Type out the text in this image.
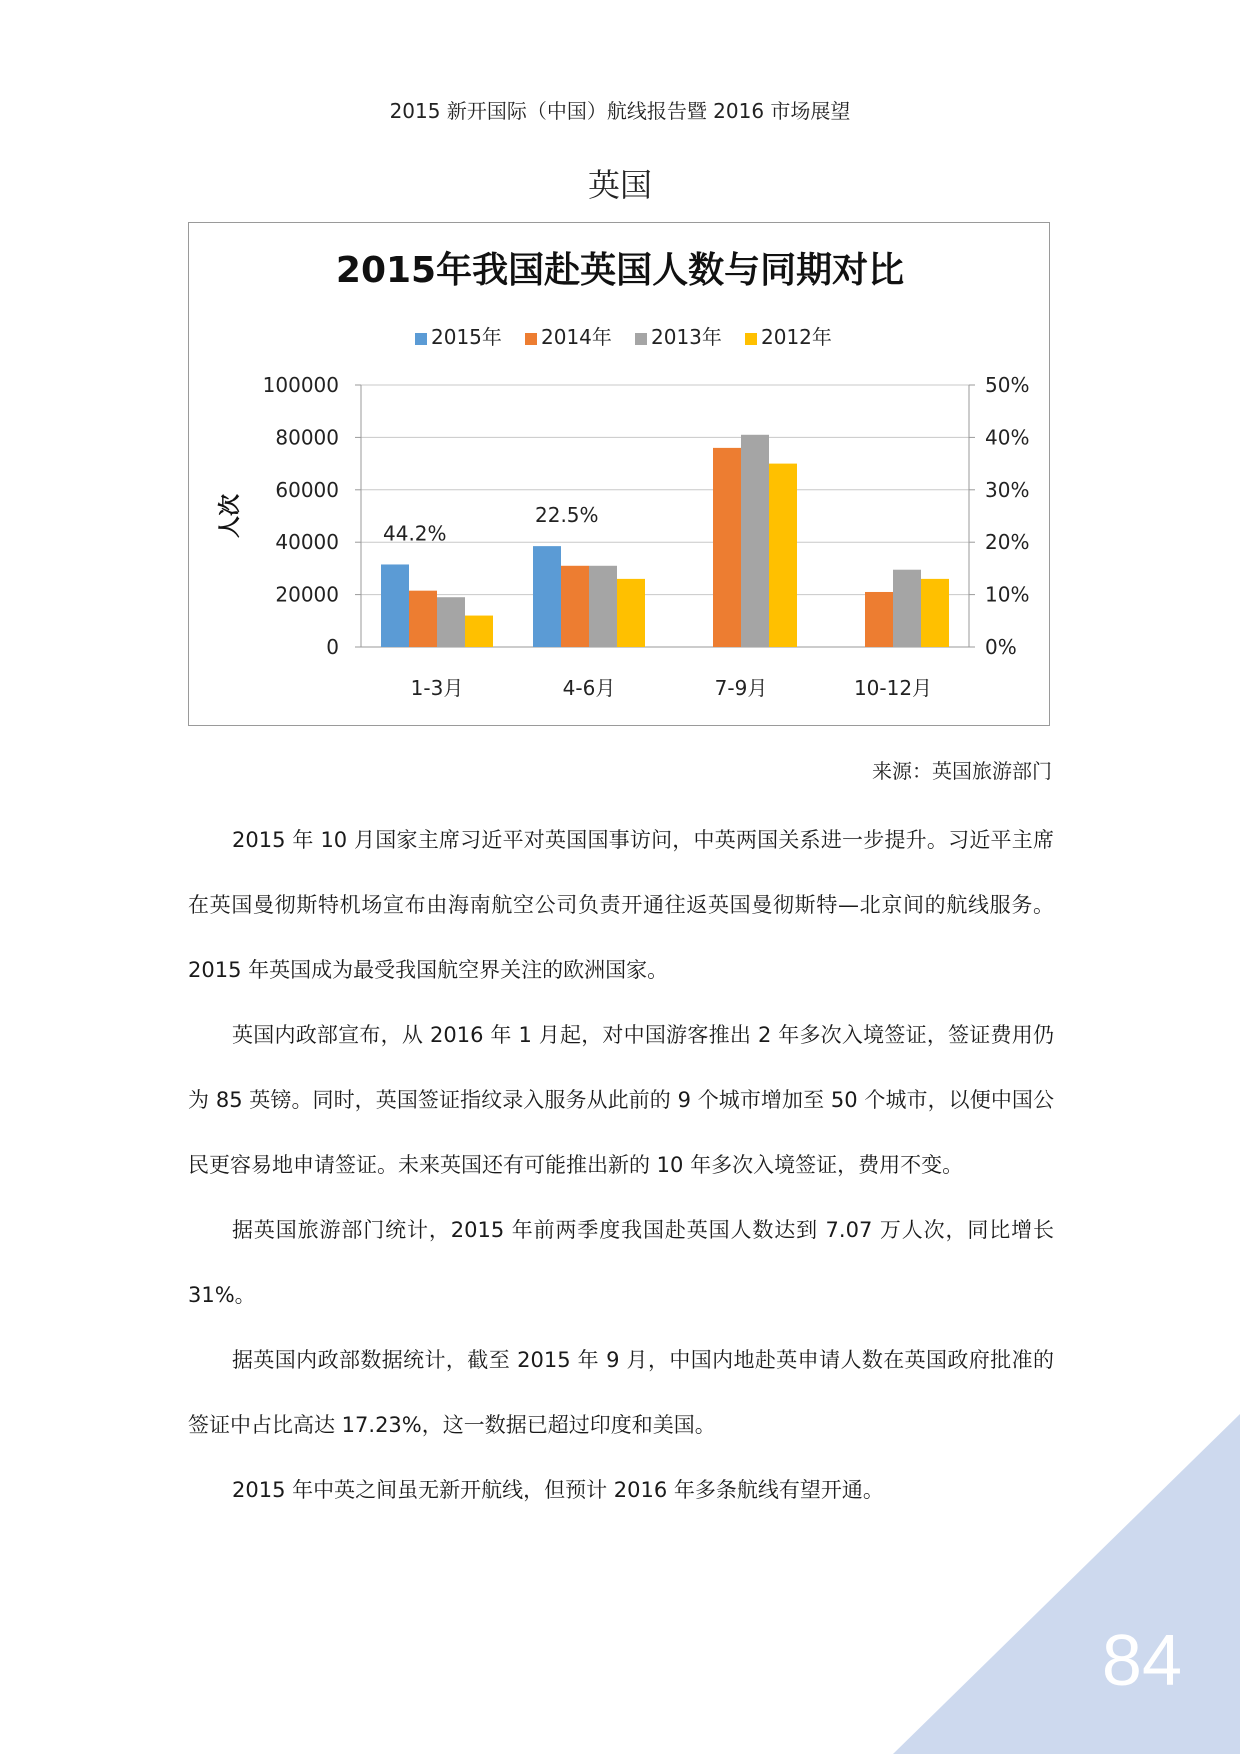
2015 新开国际（中国）航线报告暨 2016 市场展望
英国
2015年我国赴英国人数与同期对比
2015年 2014年 2013年 2012年
0	0%
20000	10%
40000	20%
60000	30%
80000	40%
100000	50%
人次
1-3月	4-6月	7-9月	10-12月
44.2%
22.5%
来源：英国旅游部门

2015 年 10 月国家主席习近平对英国国事访问，中英两国关系进一步提升。习近平主席在英国曼彻斯特机场宣布由海南航空公司负责开通往返英国曼彻斯特—北京间的航线服务。2015 年英国成为最受我国航空界关注的欧洲国家。

英国内政部宣布，从 2016 年 1 月起，对中国游客推出 2 年多次入境签证，签证费用仍为 85 英镑。同时，英国签证指纹录入服务从此前的 9 个城市增加至 50 个城市，以便中国公民更容易地申请签证。未来英国还有可能推出新的 10 年多次入境签证，费用不变。

据英国旅游部门统计，2015 年前两季度我国赴英国人数达到 7.07 万人次，同比增长 31%。

据英国内政部数据统计，截至 2015 年 9 月，中国内地赴英申请人数在英国政府批准的签证中占比高达 17.23%，这一数据已超过印度和美国。

2015 年中英之间虽无新开航线，但预计 2016 年多条航线有望开通。

84
